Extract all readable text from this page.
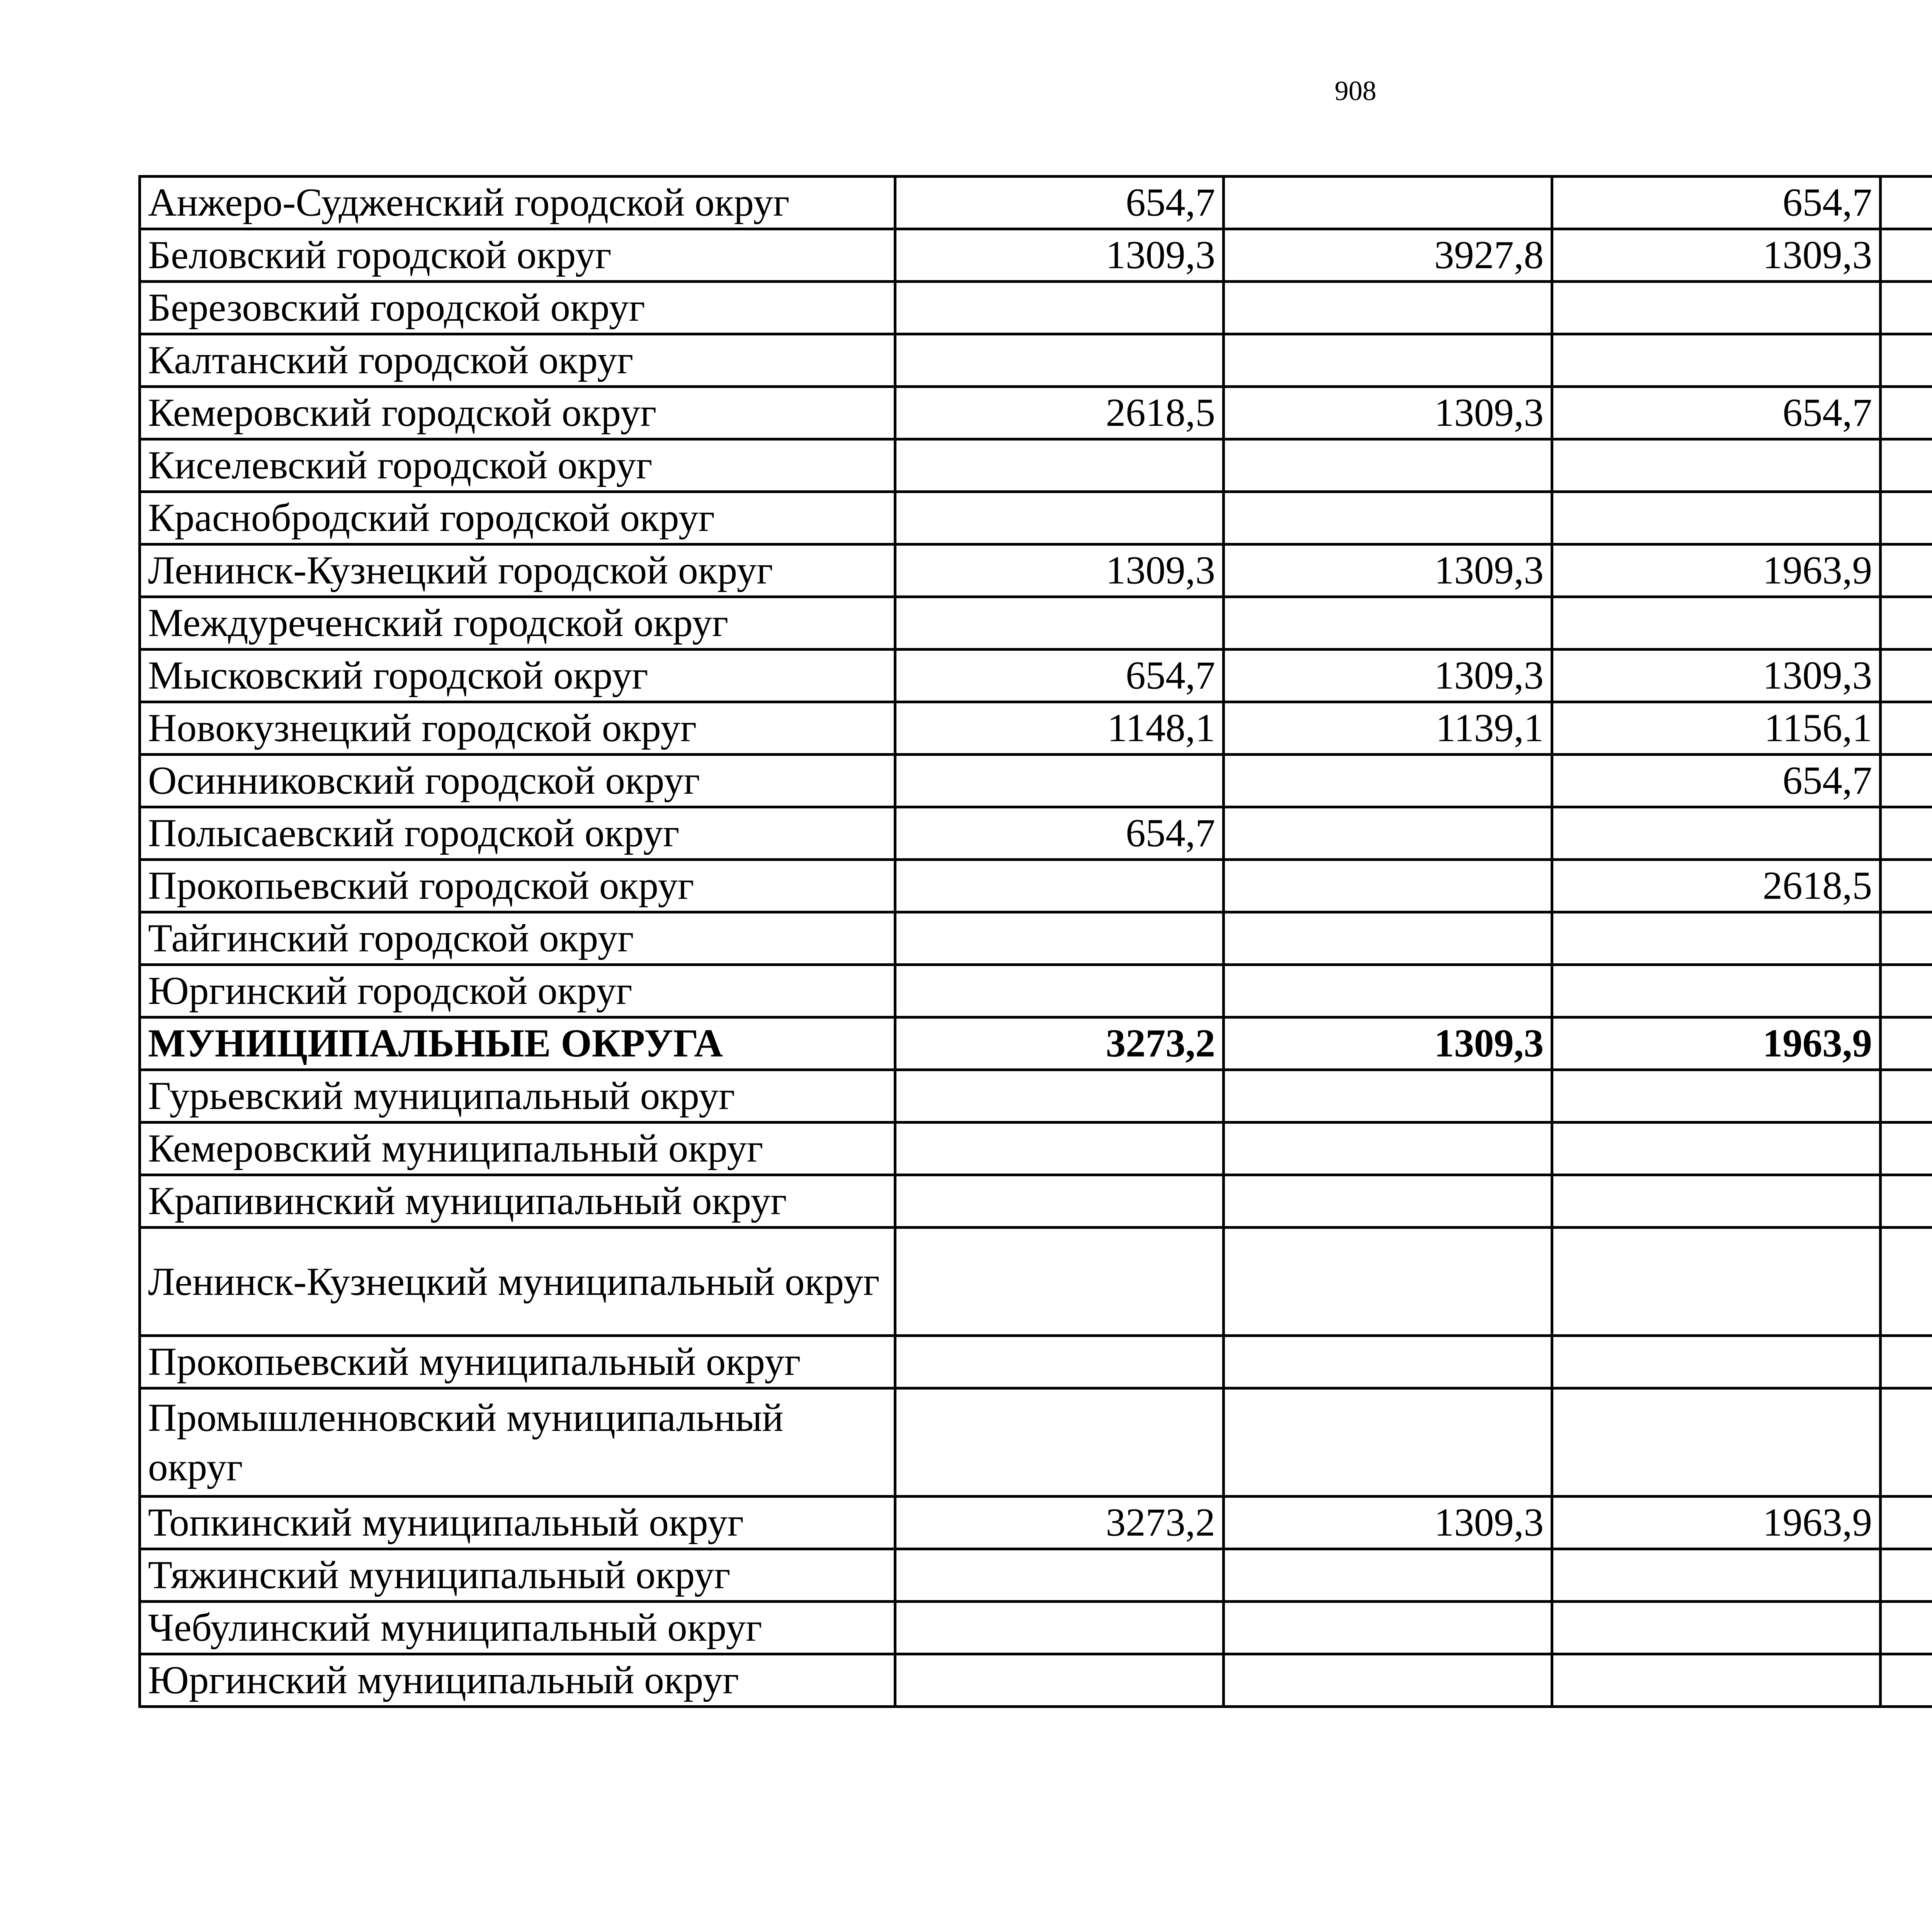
908
Анжеро-Судженский городской округ	654,7		654,7			
Беловский городской округ	1309,3	3927,8	1309,3			
Березовский городской округ						
Калтанский городской округ						
Кемеровский городской округ	2618,5	1309,3	654,7			
Киселевский городской округ						
Краснобродский городской округ						
Ленинск-Кузнецкий городской округ	1309,3	1309,3	1963,9			
Междуреченский городской округ						
Мысковский городской округ	654,7	1309,3	1309,3			
Новокузнецкий городской округ	1148,1	1139,1	1156,1			
Осинниковский городской округ			654,7			
Полысаевский городской округ	654,7					
Прокопьевский городской округ			2618,5			
Тайгинский городской округ						
Юргинский городской округ						
МУНИЦИПАЛЬНЫЕ ОКРУГА	3273,2	1309,3	1963,9			
Гурьевский муниципальный округ						
Кемеровский муниципальный округ						
Крапивинский муниципальный округ						
Ленинск-Кузнецкий муниципальный округ						
Прокопьевский муниципальный округ						
Промышленновский муниципальный округ						
Топкинский муниципальный округ	3273,2	1309,3	1963,9			
Тяжинский муниципальный округ						
Чебулинский муниципальный округ						
Юргинский муниципальный округ						
